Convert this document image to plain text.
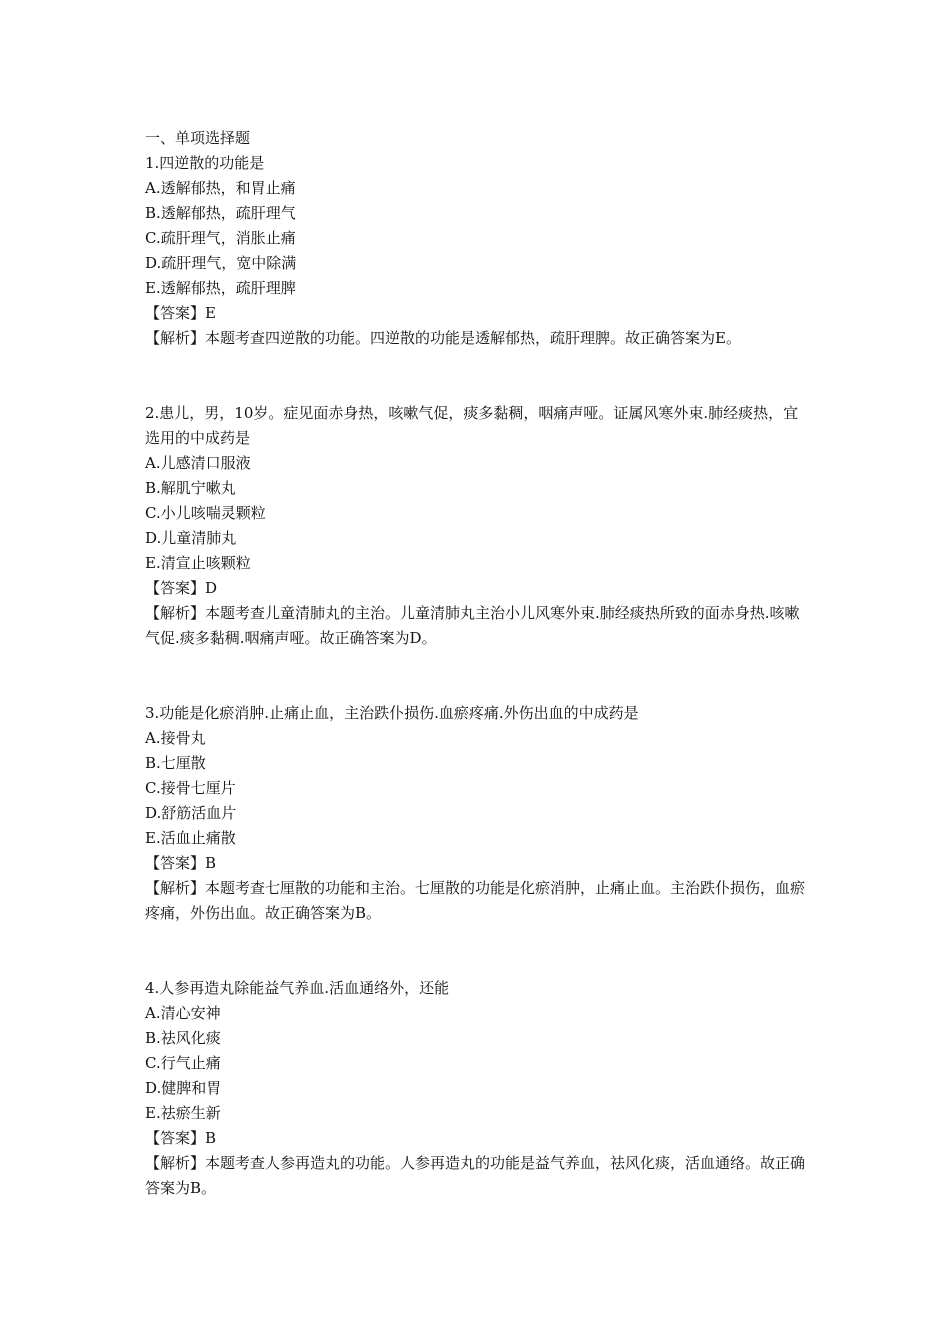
一、单项选择题
1.四逆散的功能是
A.透解郁热，和胃止痛
B.透解郁热，疏肝理气
C.疏肝理气，消胀止痛
D.疏肝理气，宽中除满
E.透解郁热，疏肝理脾
【答案】E
【解析】本题考查四逆散的功能。四逆散的功能是透解郁热，疏肝理脾。故正确答案为E。
2.患儿，男，10岁。症见面赤身热，咳嗽气促，痰多黏稠，咽痛声哑。证属风寒外束.肺经痰热，宜选用的中成药是
A.儿感清口服液
B.解肌宁嗽丸
C.小儿咳喘灵颗粒
D.儿童清肺丸
E.清宣止咳颗粒
【答案】D
【解析】本题考查儿童清肺丸的主治。儿童清肺丸主治小儿风寒外束.肺经痰热所致的面赤身热.咳嗽气促.痰多黏稠.咽痛声哑。故正确答案为D。
3.功能是化瘀消肿.止痛止血，主治跌仆损伤.血瘀疼痛.外伤出血的中成药是
A.接骨丸
B.七厘散
C.接骨七厘片
D.舒筋活血片
E.活血止痛散
【答案】B
【解析】本题考查七厘散的功能和主治。七厘散的功能是化瘀消肿，止痛止血。主治跌仆损伤，血瘀疼痛，外伤出血。故正确答案为B。
4.人参再造丸除能益气养血.活血通络外，还能
A.清心安神
B.祛风化痰
C.行气止痛
D.健脾和胃
E.祛瘀生新
【答案】B
【解析】本题考查人参再造丸的功能。人参再造丸的功能是益气养血，祛风化痰，活血通络。故正确答案为B。
